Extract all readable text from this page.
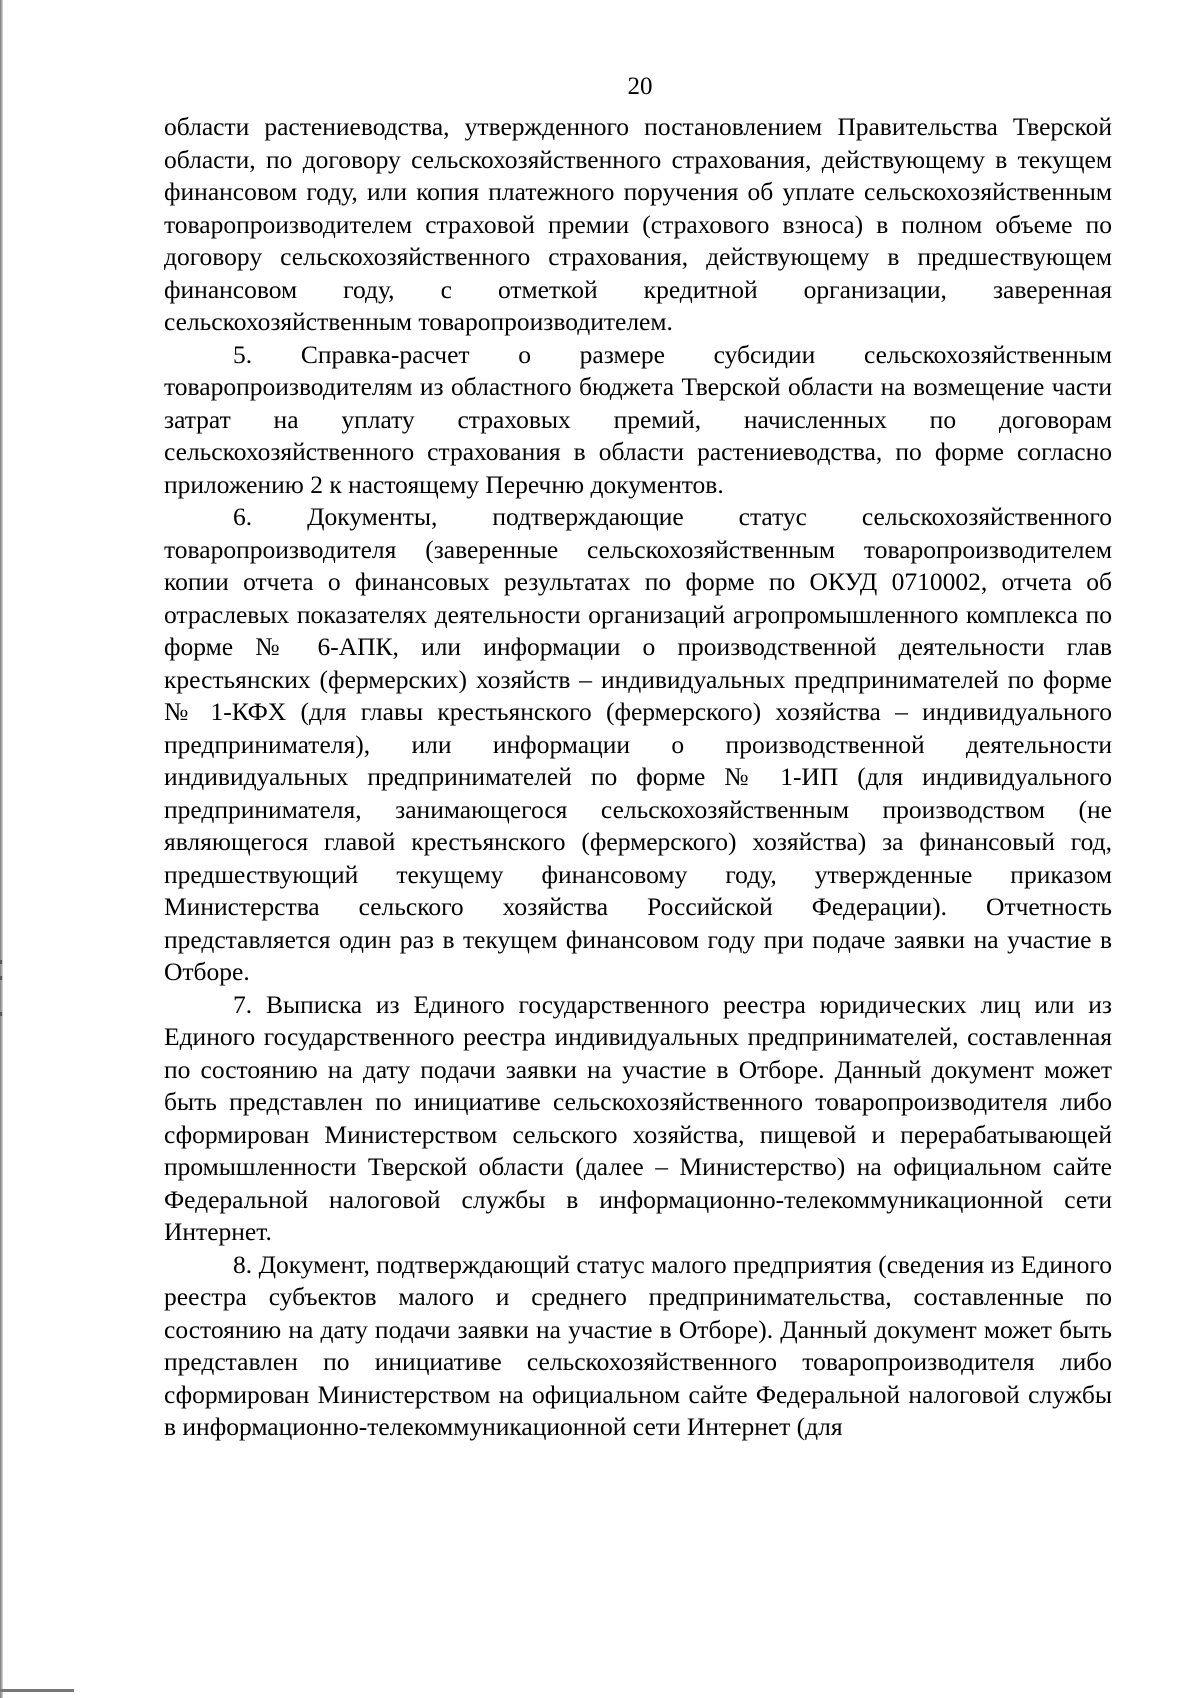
20

области растениеводства, утвержденного постановлением Правительства Тверской области, по договору сельскохозяйственного страхования, действующему в текущем финансовом году, или копия платежного поручения об уплате сельскохозяйственным товаропроизводителем страховой премии (страхового взноса) в полном объеме по договору сельскохозяйственного страхования, действующему в предшествующем финансовом году, с отметкой кредитной организации, заверенная сельскохозяйственным товаропроизводителем.

5. Справка-расчет о размере субсидии сельскохозяйственным товаропроизводителям из областного бюджета Тверской области на возмещение части затрат на уплату страховых премий, начисленных по договорам сельскохозяйственного страхования в области растениеводства, по форме согласно приложению 2 к настоящему Перечню документов.

6. Документы, подтверждающие статус сельскохозяйственного товаропроизводителя (заверенные сельскохозяйственным товаропроизводителем копии отчета о финансовых результатах по форме по ОКУД 0710002, отчета об отраслевых показателях деятельности организаций агропромышленного комплекса по форме № 6-АПК, или информации о производственной деятельности глав крестьянских (фермерских) хозяйств – индивидуальных предпринимателей по форме № 1-КФХ (для главы крестьянского (фермерского) хозяйства – индивидуального предпринимателя), или информации о производственной деятельности индивидуальных предпринимателей по форме № 1-ИП (для индивидуального предпринимателя, занимающегося сельскохозяйственным производством (не являющегося главой крестьянского (фермерского) хозяйства) за финансовый год, предшествующий текущему финансовому году, утвержденные приказом Министерства сельского хозяйства Российской Федерации). Отчетность представляется один раз в текущем финансовом году при подаче заявки на участие в Отборе.

7. Выписка из Единого государственного реестра юридических лиц или из Единого государственного реестра индивидуальных предпринимателей, составленная по состоянию на дату подачи заявки на участие в Отборе. Данный документ может быть представлен по инициативе сельскохозяйственного товаропроизводителя либо сформирован Министерством сельского хозяйства, пищевой и перерабатывающей промышленности Тверской области (далее – Министерство) на официальном сайте Федеральной налоговой службы в информационно-телекоммуникационной сети Интернет.

8. Документ, подтверждающий статус малого предприятия (сведения из Единого реестра субъектов малого и среднего предпринимательства, составленные по состоянию на дату подачи заявки на участие в Отборе). Данный документ может быть представлен по инициативе сельскохозяйственного товаропроизводителя либо сформирован Министерством на официальном сайте Федеральной налоговой службы в информационно-телекоммуникационной сети Интернет (для
